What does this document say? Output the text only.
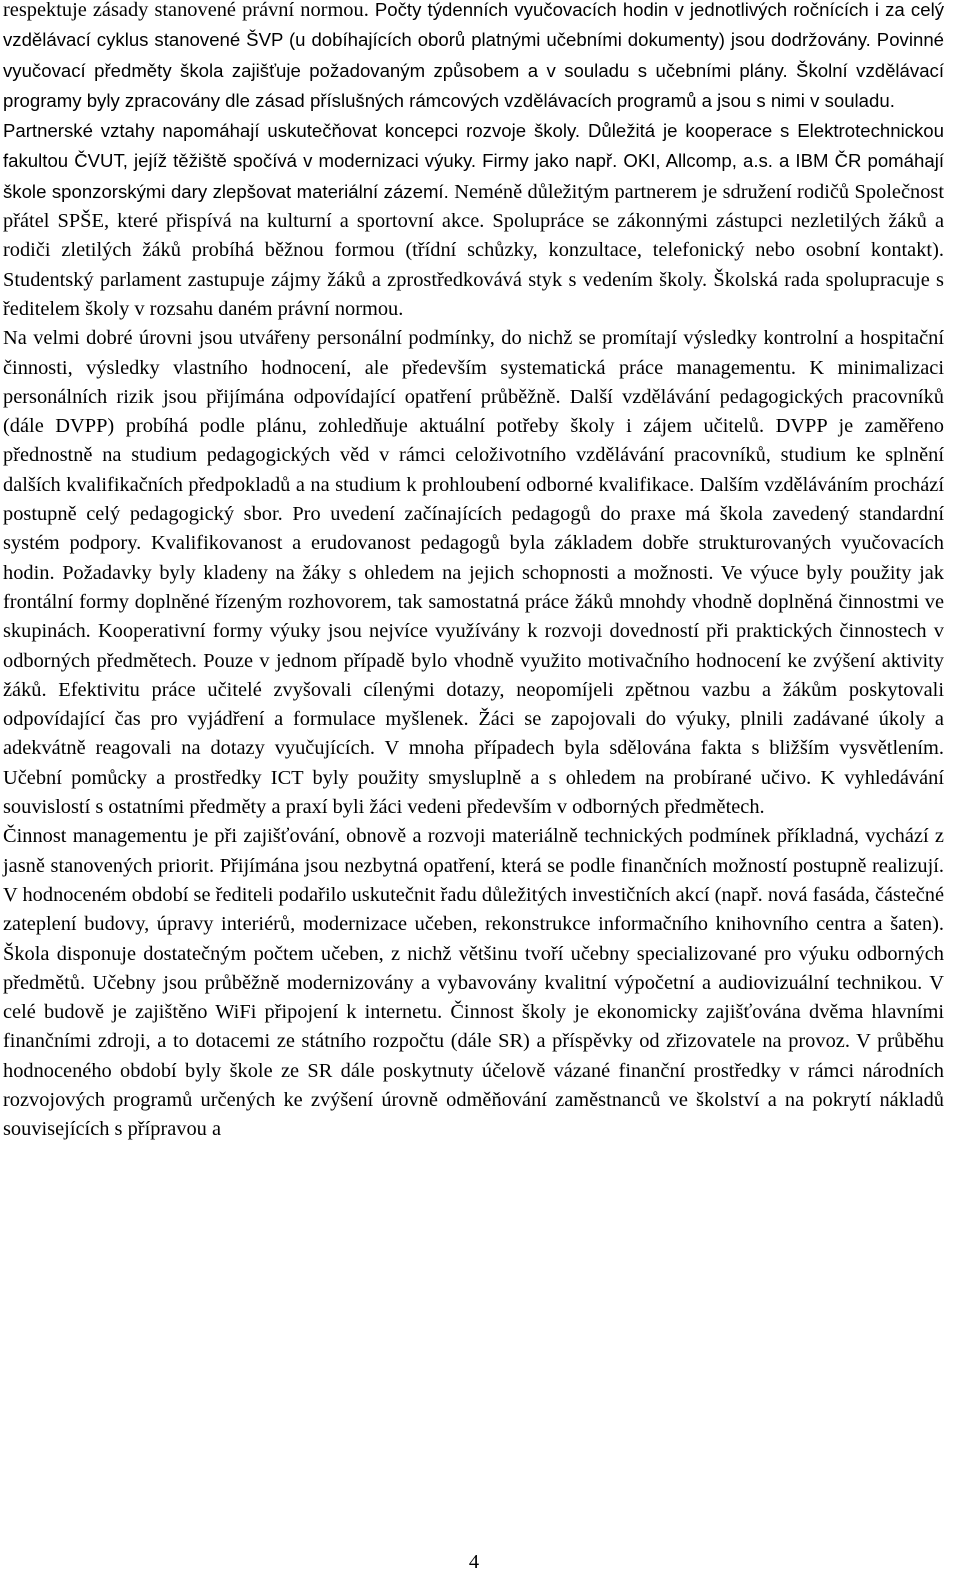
respektuje zásady stanovené právní normou. Počty týdenních vyučovacích hodin v jednotlivých ročnících i za celý vzdělávací cyklus stanovené ŠVP (u dobíhajících oborů platnými učebními dokumenty) jsou dodržovány. Povinné vyučovací předměty škola zajišťuje požadovaným způsobem a v souladu s učebními plány. Školní vzdělávací programy byly zpracovány dle zásad příslušných rámcových vzdělávacích programů a jsou s nimi v souladu.

Partnerské vztahy napomáhají uskutečňovat koncepci rozvoje školy. Důležitá je kooperace s Elektrotechnickou fakultou ČVUT, jejíž těžiště spočívá v modernizaci výuky. Firmy jako např. OKI, Allcomp, a.s. a IBM ČR pomáhají škole sponzorskými dary zlepšovat materiální zázemí. Neméně důležitým partnerem je sdružení rodičů Společnost přátel SPŠE, které přispívá na kulturní a sportovní akce. Spolupráce se zákonnými zástupci nezletilých žáků a rodiči zletilých žáků probíhá běžnou formou (třídní schůzky, konzultace, telefonický nebo osobní kontakt). Studentský parlament zastupuje zájmy žáků a zprostředkovává styk s vedením školy. Školská rada spolupracuje s ředitelem školy v rozsahu daném právní normou.

Na velmi dobré úrovni jsou utvářeny personální podmínky, do nichž se promítají výsledky kontrolní a hospitační činnosti, výsledky vlastního hodnocení, ale především systematická práce managementu. K minimalizaci personálních rizik jsou přijímána odpovídající opatření průběžně. Další vzdělávání pedagogických pracovníků (dále DVPP) probíhá podle plánu, zohledňuje aktuální potřeby školy i zájem učitelů. DVPP je zaměřeno přednostně na studium pedagogických věd v rámci celoživotního vzdělávání pracovníků, studium ke splnění dalších kvalifikačních předpokladů a na studium k prohloubení odborné kvalifikace. Dalším vzděláváním prochází postupně celý pedagogický sbor. Pro uvedení začínajících pedagogů do praxe má škola zavedený standardní systém podpory. Kvalifikovanost a erudovanost pedagogů byla základem dobře strukturovaných vyučovacích hodin. Požadavky byly kladeny na žáky s ohledem na jejich schopnosti a možnosti. Ve výuce byly použity jak frontální formy doplněné řízeným rozhovorem, tak samostatná práce žáků mnohdy vhodně doplněná činnostmi ve skupinách. Kooperativní formy výuky jsou nejvíce využívány k rozvoji dovedností při praktických činnostech v odborných předmětech. Pouze v jednom případě bylo vhodně využito motivačního hodnocení ke zvýšení aktivity žáků. Efektivitu práce učitelé zvyšovali cílenými dotazy, neopomíjeli zpětnou vazbu a žákům poskytovali odpovídající čas pro vyjádření a formulace myšlenek. Žáci se zapojovali do výuky, plnili zadávané úkoly a adekvátně reagovali na dotazy vyučujících. V mnoha případech byla sdělována fakta s bližším vysvětlením. Učební pomůcky a prostředky ICT byly použity smysluplně a s ohledem na probírané učivo. K vyhledávání souvislostí s ostatními předměty a praxí byli žáci vedeni především v odborných předmětech.

Činnost managementu je při zajišťování, obnově a rozvoji materiálně technických podmínek příkladná, vychází z jasně stanovených priorit. Přijímána jsou nezbytná opatření, která se podle finančních možností postupně realizují. V hodnoceném období se řediteli podařilo uskutečnit řadu důležitých investičních akcí (např. nová fasáda, částečné zateplení budovy, úpravy interiérů, modernizace učeben, rekonstrukce informačního knihovního centra a šaten). Škola disponuje dostatečným počtem učeben, z nichž většinu tvoří učebny specializované pro výuku odborných předmětů. Učebny jsou průběžně modernizovány a vybavovány kvalitní výpočetní a audiovizuální technikou. V celé budově je zajištěno WiFi připojení k internetu. Činnost školy je ekonomicky zajišťována dvěma hlavními finančními zdroji, a to dotacemi ze státního rozpočtu (dále SR) a příspěvky od zřizovatele na provoz. V průběhu hodnoceného období byly škole ze SR dále poskytnuty účelově vázané finanční prostředky v rámci národních rozvojových programů určených ke zvýšení úrovně odměňování zaměstnanců ve školství a na pokrytí nákladů souvisejících s přípravou a

4
